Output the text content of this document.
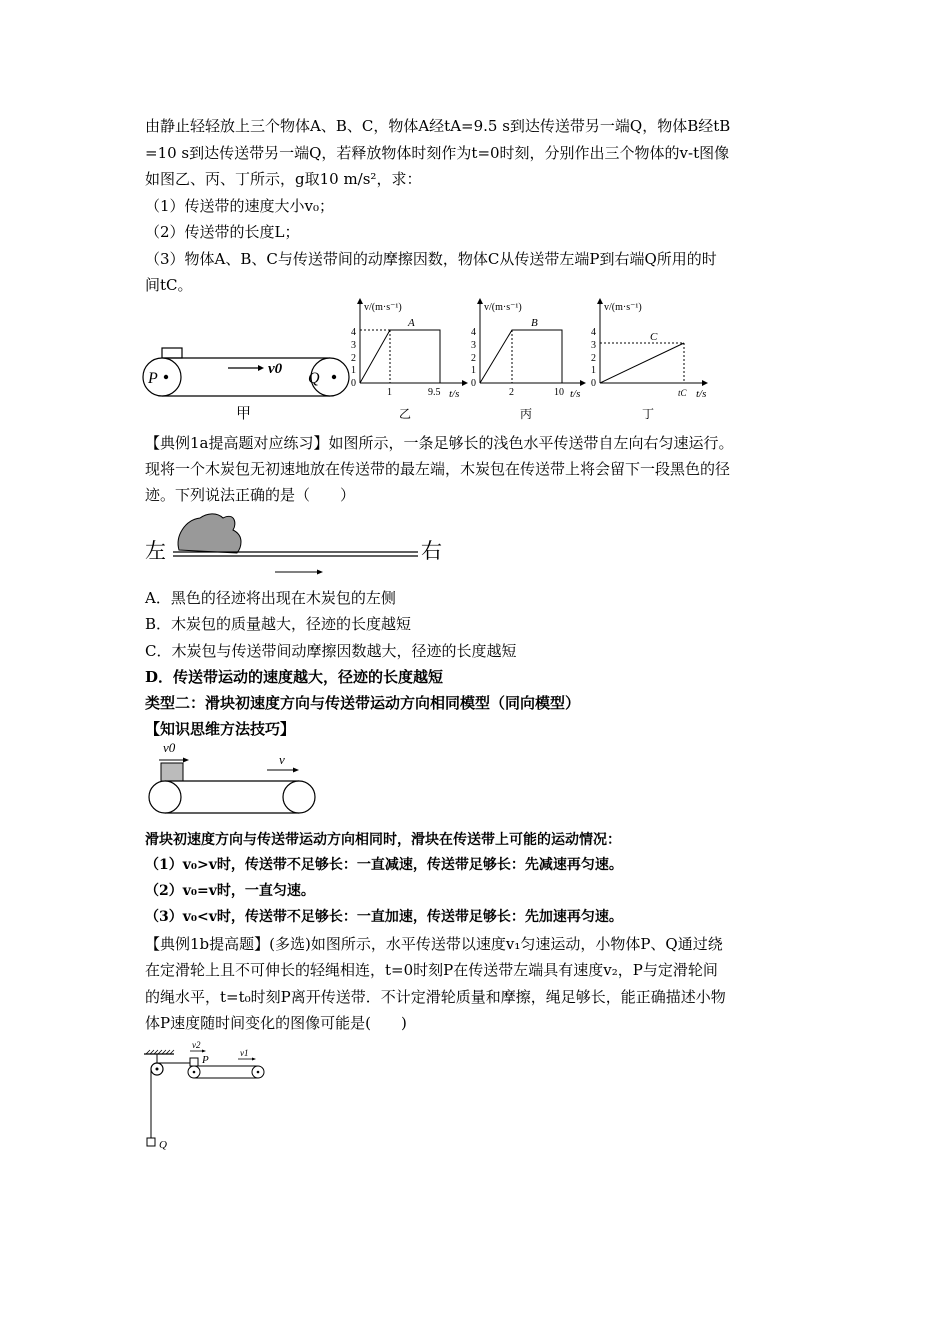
由静止轻轻放上三个物体A、B、C，物体A经tA=9.5 s到达传送带另一端Q，物体B经tB

=10 s到达传送带另一端Q，若释放物体时刻作为t=0时刻，分别作出三个物体的v-t图像

如图乙、丙、丁所示，g取10 m/s²，求：

（1）传送带的速度大小v₀；

（2）传送带的长度L；

（3）物体A、B、C与传送带间的动摩擦因数，物体C从传送带左端P到右端Q所用的时

间tC。

P	Q
v0
甲
v/(m·s⁻¹)
4
3
2
1
0
A
1	9.5 t/s
乙
v/(m·s⁻¹)
4
3
2
1
0
B
2	10 t/s
丙
v/(m·s⁻¹)
4
3
2
1
0
C
tC t/s
丁

【典例1a提高题对应练习】如图所示，一条足够长的浅色水平传送带自左向右匀速运行。

现将一个木炭包无初速地放在传送带的最左端，木炭包在传送带上将会留下一段黑色的径

迹。下列说法正确的是（　　）

左	右

A．黑色的径迹将出现在木炭包的左侧

B．木炭包的质量越大，径迹的长度越短

C．木炭包与传送带间动摩擦因数越大，径迹的长度越短

D．传送带运动的速度越大，径迹的长度越短

类型二：滑块初速度方向与传送带运动方向相同模型（同向模型）

【知识思维方法技巧】

v0
v

滑块初速度方向与传送带运动方向相同时，滑块在传送带上可能的运动情况：

（1）v₀>v时，传送带不足够长：一直减速，传送带足够长：先减速再匀速。

（2）v₀=v时，一直匀速。

（3）v₀<v时，传送带不足够长：一直加速，传送带足够长：先加速再匀速。

【典例1b提高题】(多选)如图所示，水平传送带以速度v₁匀速运动，小物体P、Q通过绕

在定滑轮上且不可伸长的轻绳相连，t=0时刻P在传送带左端具有速度v₂，P与定滑轮间

的绳水平，t=t₀时刻P离开传送带．不计定滑轮质量和摩擦，绳足够长，能正确描述小物

体P速度随时间变化的图像可能是(　　)

Q
P
v2
v1
